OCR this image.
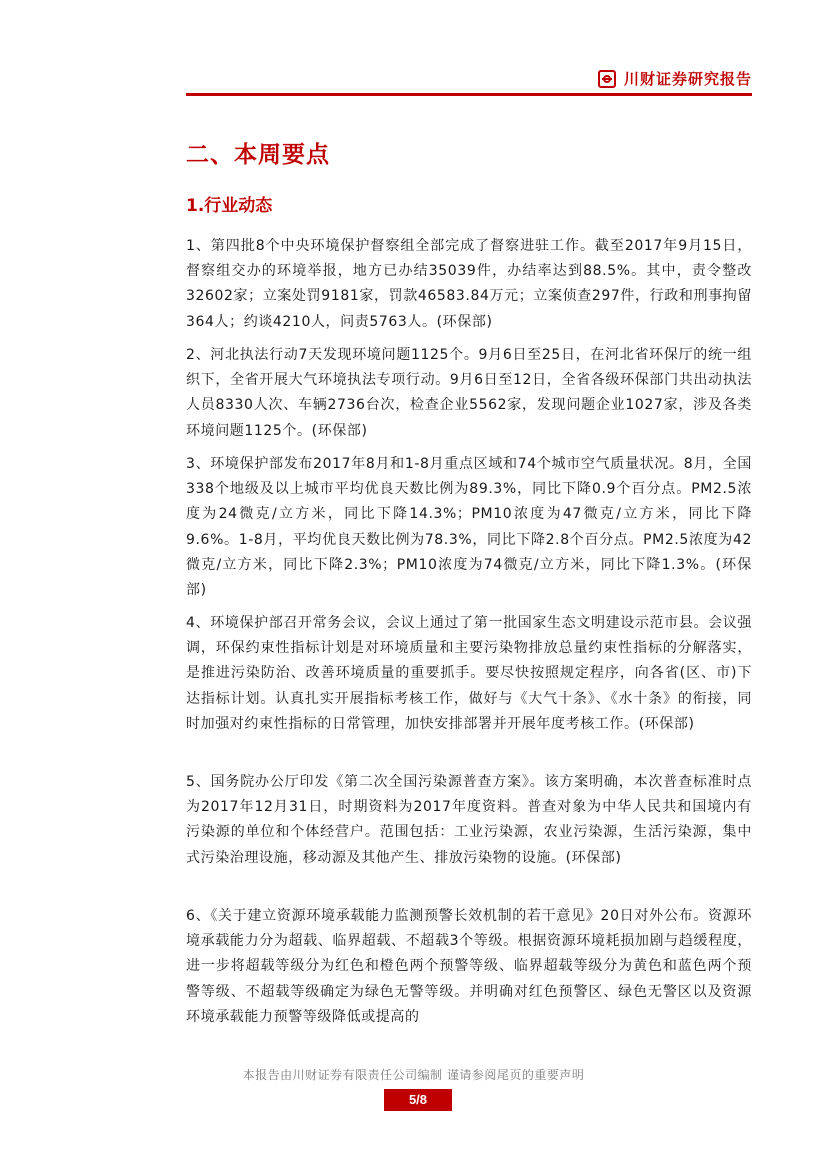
川财证券研究报告
二、本周要点
1.行业动态

1、第四批8个中央环境保护督察组全部完成了督察进驻工作。截至2017年9月15日，督察组交办的环境举报，地方已办结35039件，办结率达到88.5%。其中，责令整改32602家；立案处罚9181家，罚款46583.84万元；立案侦查297件，行政和刑事拘留364人；约谈4210人，问责5763人。(环保部)

2、河北执法行动7天发现环境问题1125个。9月6日至25日，在河北省环保厅的统一组织下，全省开展大气环境执法专项行动。9月6日至12日，全省各级环保部门共出动执法人员8330人次、车辆2736台次，检查企业5562家，发现问题企业1027家，涉及各类环境问题1125个。(环保部)

3、环境保护部发布2017年8月和1-8月重点区域和74个城市空气质量状况。8月，全国338个地级及以上城市平均优良天数比例为89.3%，同比下降0.9个百分点。PM2.5浓度为24微克/立方米，同比下降14.3%；PM10浓度为47微克/立方米，同比下降9.6%。1-8月，平均优良天数比例为78.3%，同比下降2.8个百分点。PM2.5浓度为42微克/立方米，同比下降2.3%；PM10浓度为74微克/立方米，同比下降1.3%。(环保部)

4、环境保护部召开常务会议，会议上通过了第一批国家生态文明建设示范市县。会议强调，环保约束性指标计划是对环境质量和主要污染物排放总量约束性指标的分解落实，是推进污染防治、改善环境质量的重要抓手。要尽快按照规定程序，向各省(区、市)下达指标计划。认真扎实开展指标考核工作，做好与《大气十条》、《水十条》的衔接，同时加强对约束性指标的日常管理，加快安排部署并开展年度考核工作。(环保部)

5、国务院办公厅印发《第二次全国污染源普查方案》。该方案明确，本次普查标准时点为2017年12月31日，时期资料为2017年度资料。普查对象为中华人民共和国境内有污染源的单位和个体经营户。范围包括：工业污染源，农业污染源，生活污染源，集中式污染治理设施，移动源及其他产生、排放污染物的设施。(环保部)

6、《关于建立资源环境承载能力监测预警长效机制的若干意见》20日对外公布。资源环境承载能力分为超载、临界超载、不超载3个等级。根据资源环境耗损加剧与趋缓程度，进一步将超载等级分为红色和橙色两个预警等级、临界超载等级分为黄色和蓝色两个预警等级、不超载等级确定为绿色无警等级。并明确对红色预警区、绿色无警区以及资源环境承载能力预警等级降低或提高的

本报告由川财证券有限责任公司编制 谨请参阅尾页的重要声明
5/8
